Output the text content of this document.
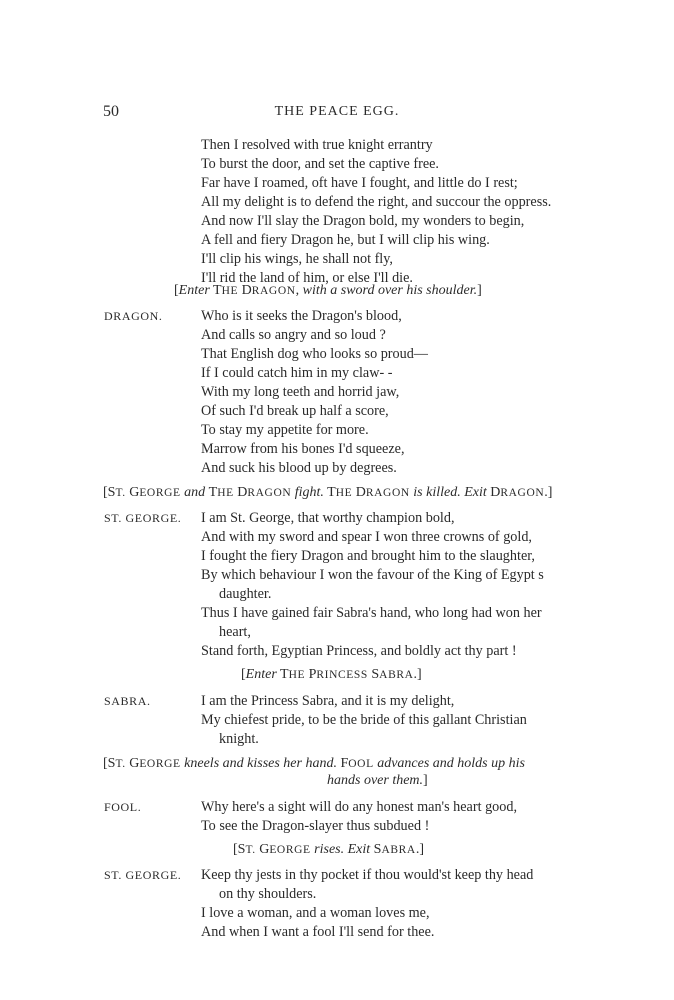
50	THE PEACE EGG.
Then I resolved with true knight errantry
To burst the door, and set the captive free.
Far have I roamed, oft have I fought, and little do I rest;
All my delight is to defend the right, and succour the oppress.
And now I'll slay the Dragon bold, my wonders to begin,
A fell and fiery Dragon he, but I will clip his wing.
I'll clip his wings, he shall not fly,
I'll rid the land of him, or else I'll die.
[Enter THE DRAGON, with a sword over his shoulder.]
DRAGON.	Who is it seeks the Dragon's blood,
And calls so angry and so loud ?
That English dog who looks so proud—
If I could catch him in my claw- -
With my long teeth and horrid jaw,
Of such I'd break up half a score,
To stay my appetite for more.
Marrow from his bones I'd squeeze,
And suck his blood up by degrees.
[ST. GEORGE and THE DRAGON fight. THE DRAGON is killed. Exit DRAGON.]
ST. GEORGE. I am St. George, that worthy champion bold,
And with my sword and spear I won three crowns of gold,
I fought the fiery Dragon and brought him to the slaughter,
By which behaviour I won the favour of the King of Egypt s
daughter.
Thus I have gained fair Sabra's hand, who long had won her
heart,
Stand forth, Egyptian Princess, and boldly act thy part !
[Enter THE PRINCESS SABRA.]
SABRA.	I am the Princess Sabra, and it is my delight,
My chiefest pride, to be the bride of this gallant Christian
knight.
[ST. GEORGE kneels and kisses her hand. FOOL advances and holds up his
hands over them.]
FOOL.	Why here's a sight will do any honest man's heart good,
To see the Dragon-slayer thus subdued !
[ST. GEORGE rises. Exit SABRA.]
ST. GEORGE. Keep thy jests in thy pocket if thou would'st keep thy head
on thy shoulders.
I love a woman, and a woman loves me,
And when I want a fool I'll send for thee.
